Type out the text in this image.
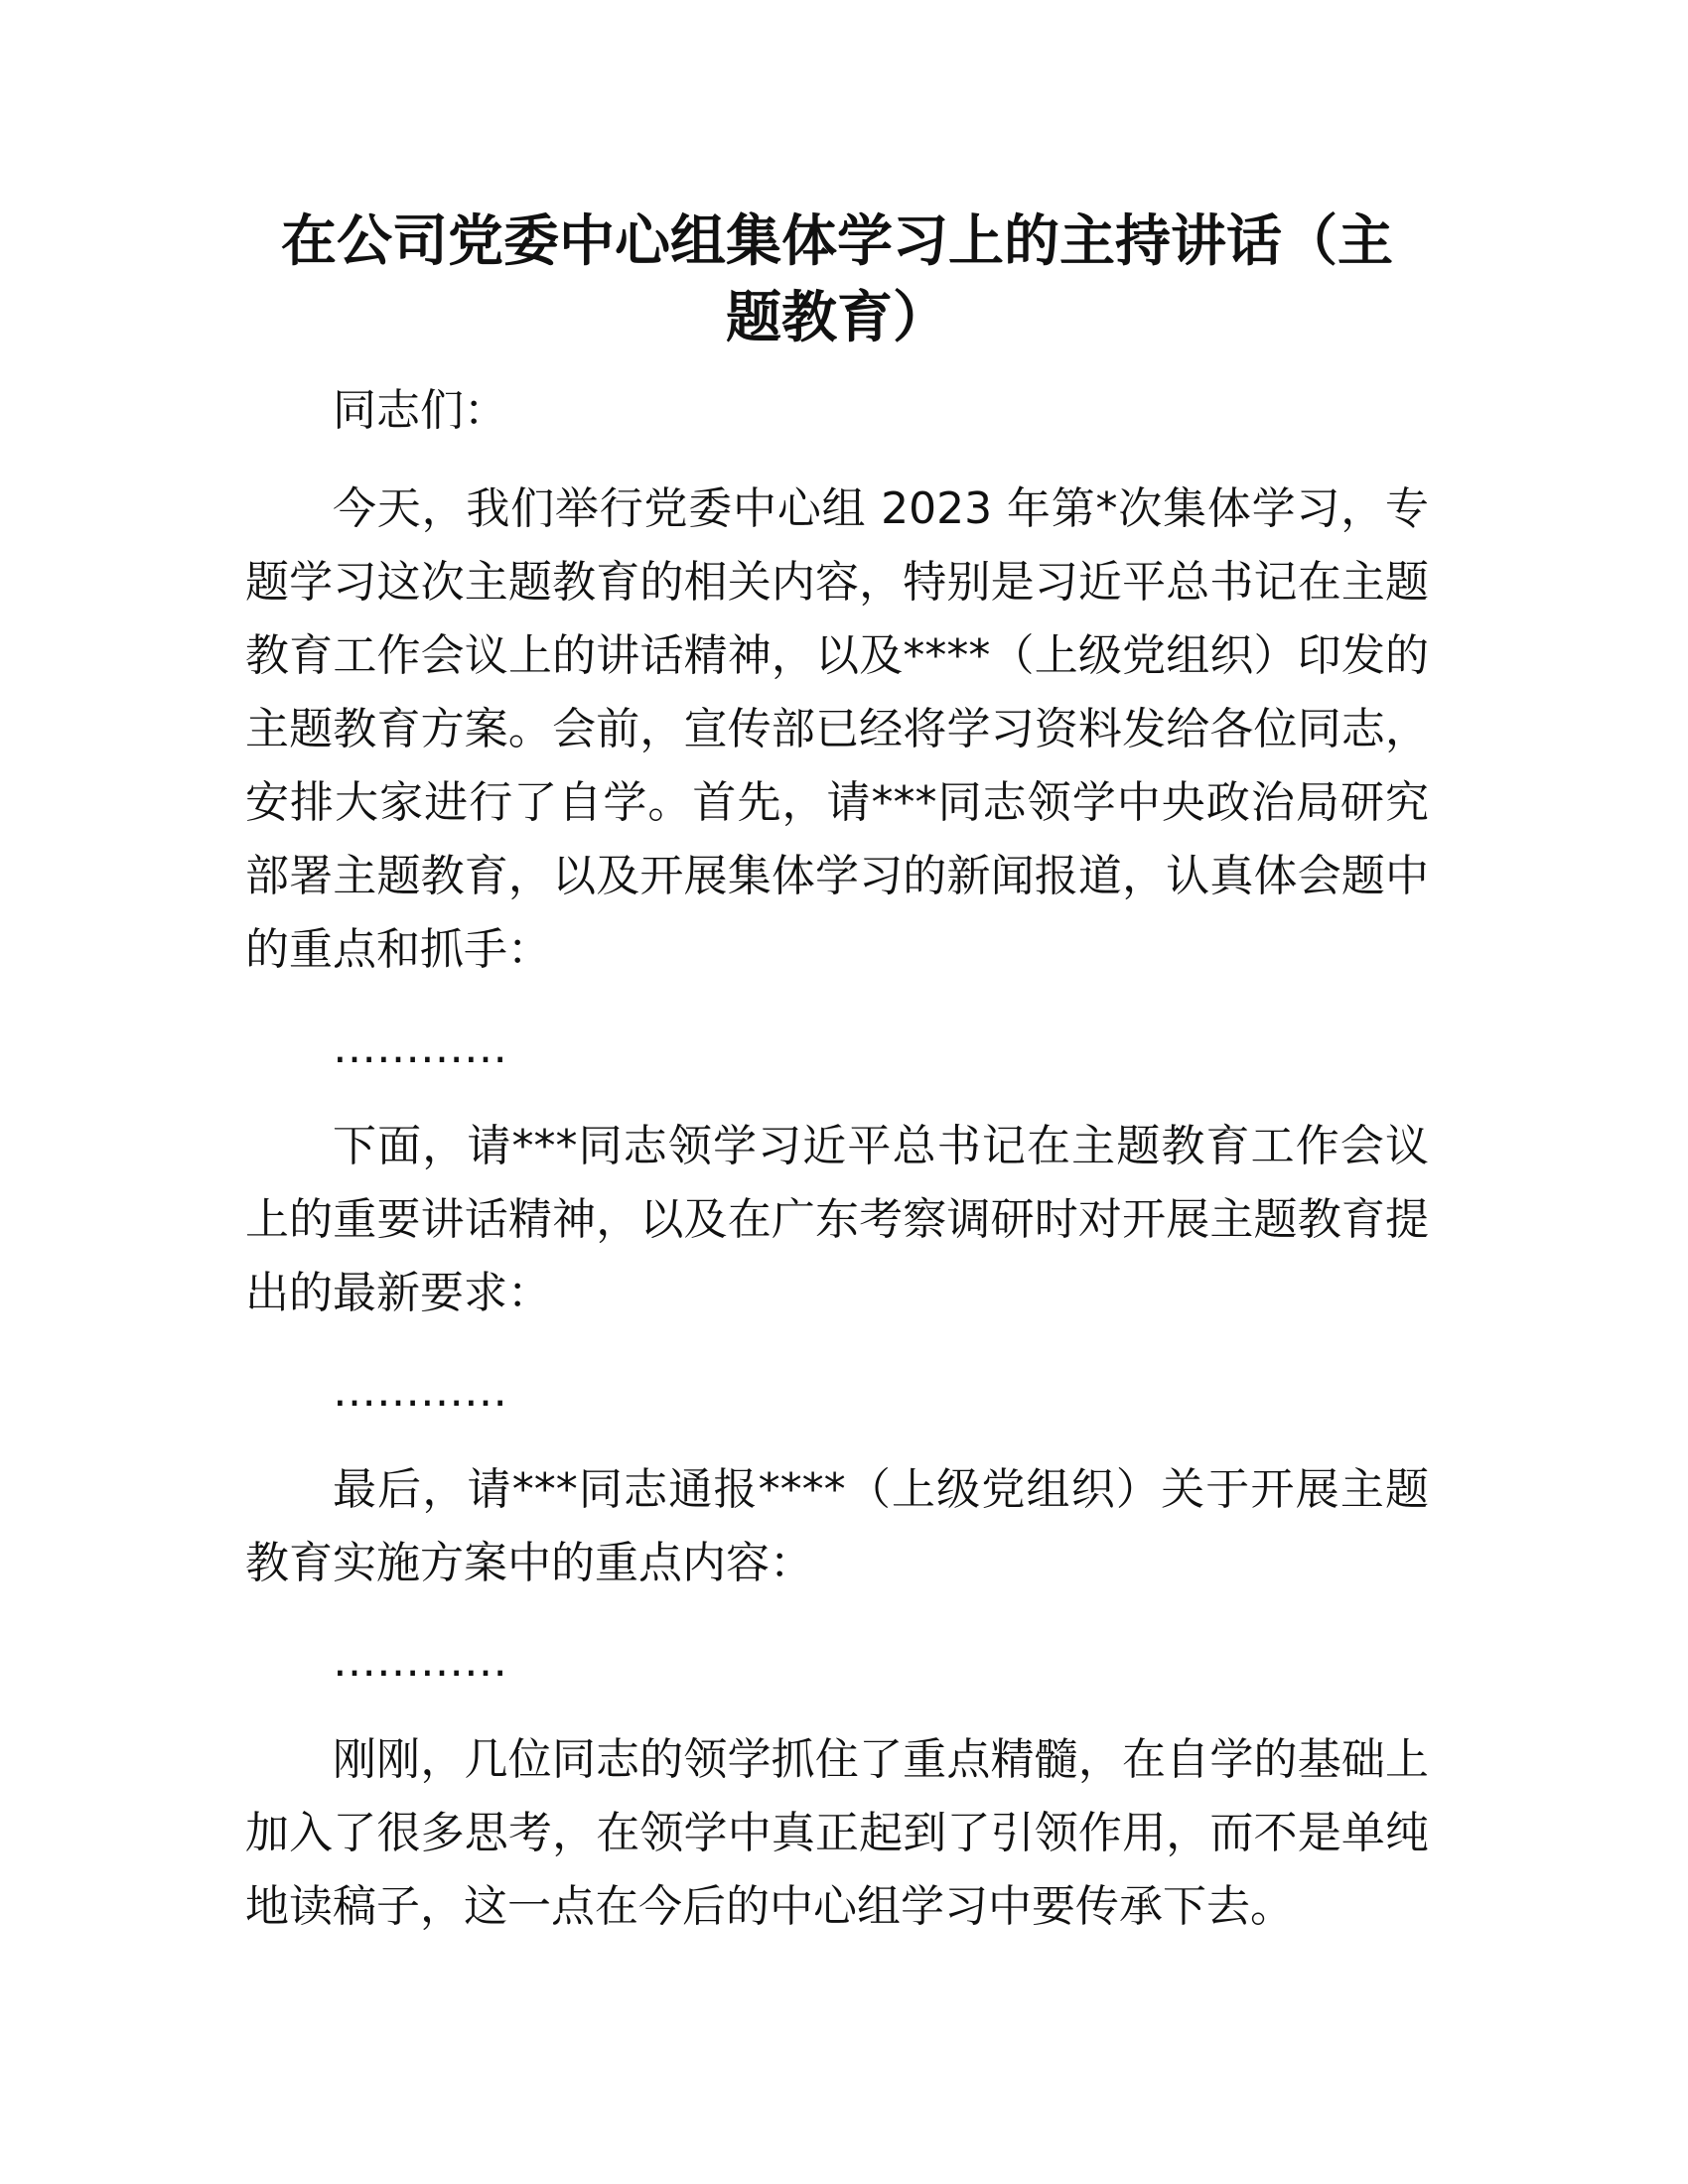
在公司党委中心组集体学习上的主持讲话（主
题教育）
同志们：
今天，我们举行党委中心组 2023 年第*次集体学习，专
题学习这次主题教育的相关内容，特别是习近平总书记在主题
教育工作会议上的讲话精神，以及****（上级党组织）印发的
主题教育方案。会前，宣传部已经将学习资料发给各位同志，
安排大家进行了自学。首先，请***同志领学中央政治局研究
部署主题教育，以及开展集体学习的新闻报道，认真体会题中
的重点和抓手：
…………
下面，请***同志领学习近平总书记在主题教育工作会议
上的重要讲话精神，以及在广东考察调研时对开展主题教育提
出的最新要求：
…………
最后，请***同志通报****（上级党组织）关于开展主题
教育实施方案中的重点内容：
…………
刚刚，几位同志的领学抓住了重点精髓，在自学的基础上
加入了很多思考，在领学中真正起到了引领作用，而不是单纯
地读稿子，这一点在今后的中心组学习中要传承下去。
